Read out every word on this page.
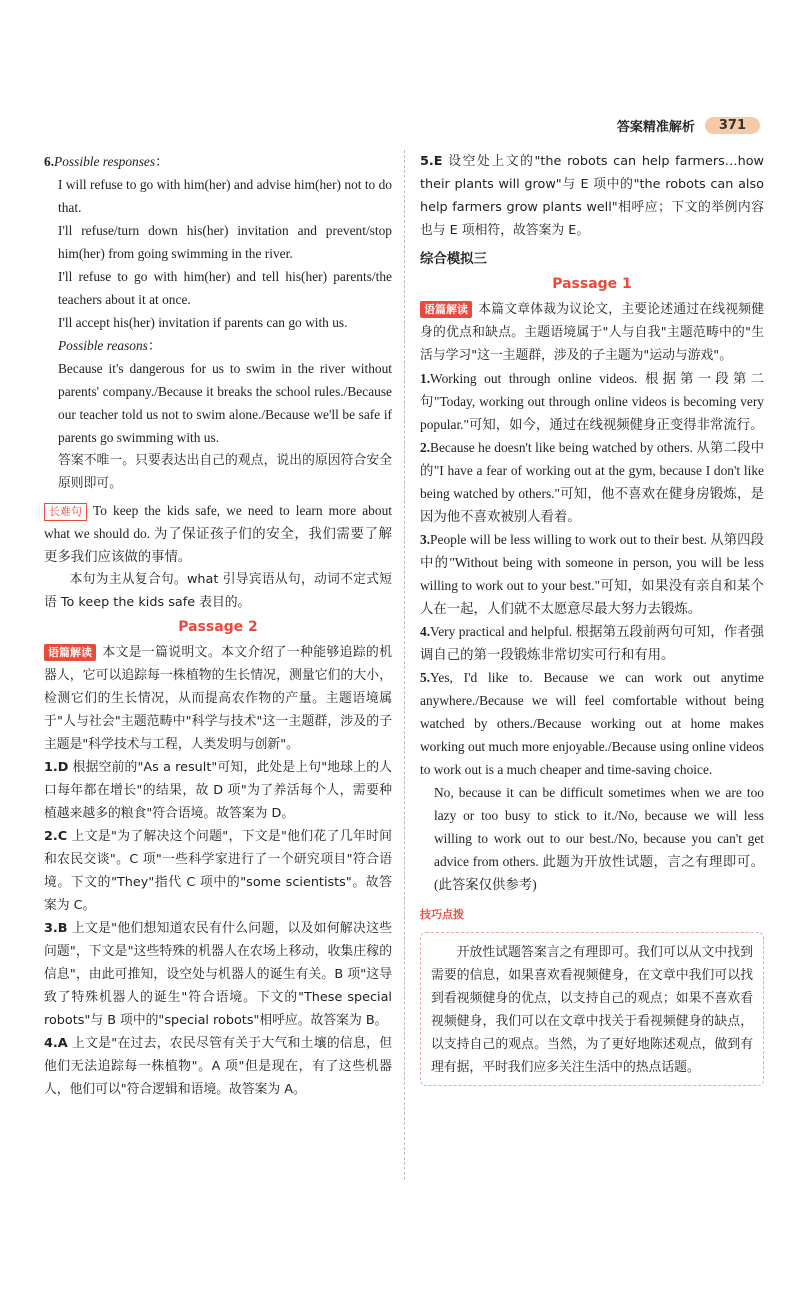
答案精准解析	371

6.Possible responses：

I will refuse to go with him(her) and advise him(her) not to do that.

I'll refuse/turn down his(her) invitation and prevent/stop him(her) from going swimming in the river.

I'll refuse to go with him(her) and tell his(her) parents/the teachers about it at once.

I'll accept his(her) invitation if parents can go with us.

Possible reasons：

Because it's dangerous for us to swim in the river without parents' company./Because it breaks the school rules./Because our teacher told us not to swim alone./Because we'll be safe if parents go swimming with us.

答案不唯一。只要表达出自己的观点，说出的原因符合安全原则即可。

长难句 To keep the kids safe, we need to learn more about what we should do. 为了保证孩子们的安全，我们需要了解更多我们应该做的事情。

本句为主从复合句。what 引导宾语从句，动词不定式短语 To keep the kids safe 表目的。

Passage 2

语篇解读 本文是一篇说明文。本文介绍了一种能够追踪的机器人，它可以追踪每一株植物的生长情况，测量它们的大小，检测它们的生长情况，从而提高农作物的产量。主题语境属于"人与社会"主题范畴中"科学与技术"这一主题群，涉及的子主题是"科学技术与工程，人类发明与创新"。

1.D 根据空前的"As a result"可知，此处是上句"地球上的人口每年都在增长"的结果，故 D 项"为了养活每个人，需要种植越来越多的粮食"符合语境。故答案为 D。

2.C 上文是"为了解决这个问题"，下文是"他们花了几年时间和农民交谈"。C 项"一些科学家进行了一个研究项目"符合语境。下文的"They"指代 C 项中的"some scientists"。故答案为 C。

3.B 上文是"他们想知道农民有什么问题，以及如何解决这些问题"，下文是"这些特殊的机器人在农场上移动，收集庄稼的信息"，由此可推知，设空处与机器人的诞生有关。B 项"这导致了特殊机器人的诞生"符合语境。下文的"These special robots"与 B 项中的"special robots"相呼应。故答案为 B。

4.A 上文是"在过去，农民尽管有关于大气和土壤的信息，但他们无法追踪每一株植物"。A 项"但是现在，有了这些机器人，他们可以"符合逻辑和语境。故答案为 A。

5.E 设空处上文的"the robots can help farmers…how their plants will grow"与 E 项中的"the robots can also help farmers grow plants well"相呼应；下文的举例内容也与 E 项相符，故答案为 E。

综合模拟三
Passage 1

语篇解读 本篇文章体裁为议论文，主要论述通过在线视频健身的优点和缺点。主题语境属于"人与自我"主题范畴中的"生活与学习"这一主题群，涉及的子主题为"运动与游戏"。

1.Working out through online videos. 根据第一段第二句"Today, working out through online videos is becoming very popular."可知，如今，通过在线视频健身正变得非常流行。

2.Because he doesn't like being watched by others. 从第二段中的"I have a fear of working out at the gym, because I don't like being watched by others."可知，他不喜欢在健身房锻炼，是因为他不喜欢被别人看着。

3.People will be less willing to work out to their best. 从第四段中的"Without being with someone in person, you will be less willing to work out to your best."可知，如果没有亲自和某个人在一起，人们就不太愿意尽最大努力去锻炼。

4.Very practical and helpful. 根据第五段前两句可知，作者强调自己的第一段锻炼非常切实可行和有用。

5.Yes, I'd like to. Because we can work out anytime anywhere./Because we will feel comfortable without being watched by others./Because working out at home makes working out much more enjoyable./Because using online videos to work out is a much cheaper and time-saving choice.

No, because it can be difficult sometimes when we are too lazy or too busy to stick to it./No, because we will less willing to work out to our best./No, because you can't get advice from others. 此题为开放性试题，言之有理即可。(此答案仅供参考)

技巧点拨

开放性试题答案言之有理即可。我们可以从文中找到需要的信息，如果喜欢看视频健身，在文章中我们可以找到看视频健身的优点，以支持自己的观点；如果不喜欢看视频健身，我们可以在文章中找关于看视频健身的缺点，以支持自己的观点。当然，为了更好地陈述观点，做到有理有据，平时我们应多关注生活中的热点话题。
